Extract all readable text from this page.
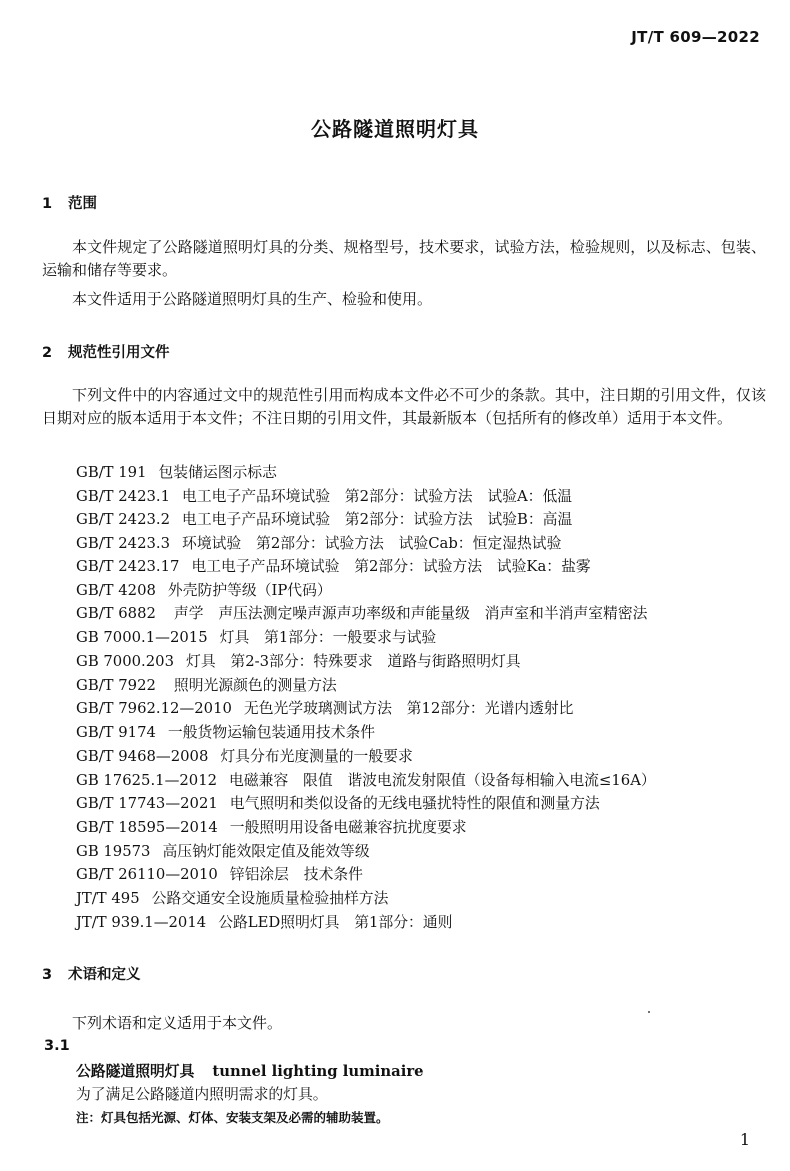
JT/T 609—2022
公路隧道照明灯具
1 范围
本文件规定了公路隧道照明灯具的分类、规格型号，技术要求，试验方法，检验规则，以及标志、包装、运输和储存等要求。
本文件适用于公路隧道照明灯具的生产、检验和使用。
2 规范性引用文件
下列文件中的内容通过文中的规范性引用而构成本文件必不可少的条款。其中，注日期的引用文件，仅该日期对应的版本适用于本文件；不注日期的引用文件，其最新版本（包括所有的修改单）适用于本文件。
GB/T 191 包装储运图示标志
GB/T 2423.1 电工电子产品环境试验　第2部分：试验方法　试验A：低温
GB/T 2423.2 电工电子产品环境试验　第2部分：试验方法　试验B：高温
GB/T 2423.3 环境试验　第2部分：试验方法　试验Cab：恒定湿热试验
GB/T 2423.17 电工电子产品环境试验　第2部分：试验方法　试验Ka：盐雾
GB/T 4208 外壳防护等级（IP代码）
GB/T 6882 声学　声压法测定噪声源声功率级和声能量级　消声室和半消声室精密法
GB 7000.1—2015 灯具　第1部分：一般要求与试验
GB 7000.203 灯具　第2-3部分：特殊要求　道路与街路照明灯具
GB/T 7922 照明光源颜色的测量方法
GB/T 7962.12—2010 无色光学玻璃测试方法　第12部分：光谱内透射比
GB/T 9174 一般货物运输包装通用技术条件
GB/T 9468—2008 灯具分布光度测量的一般要求
GB 17625.1—2012 电磁兼容　限值　谐波电流发射限值（设备每相输入电流≤16A）
GB/T 17743—2021 电气照明和类似设备的无线电骚扰特性的限值和测量方法
GB/T 18595—2014 一般照明用设备电磁兼容抗扰度要求
GB 19573 高压钠灯能效限定值及能效等级
GB/T 26110—2010 锌铝涂层　技术条件
JT/T 495 公路交通安全设施质量检验抽样方法
JT/T 939.1—2014 公路LED照明灯具　第1部分：通则
3 术语和定义
下列术语和定义适用于本文件。
3.1
公路隧道照明灯具 tunnel lighting luminaire
为了满足公路隧道内照明需求的灯具。
注：灯具包括光源、灯体、安装支架及必需的辅助装置。
1
